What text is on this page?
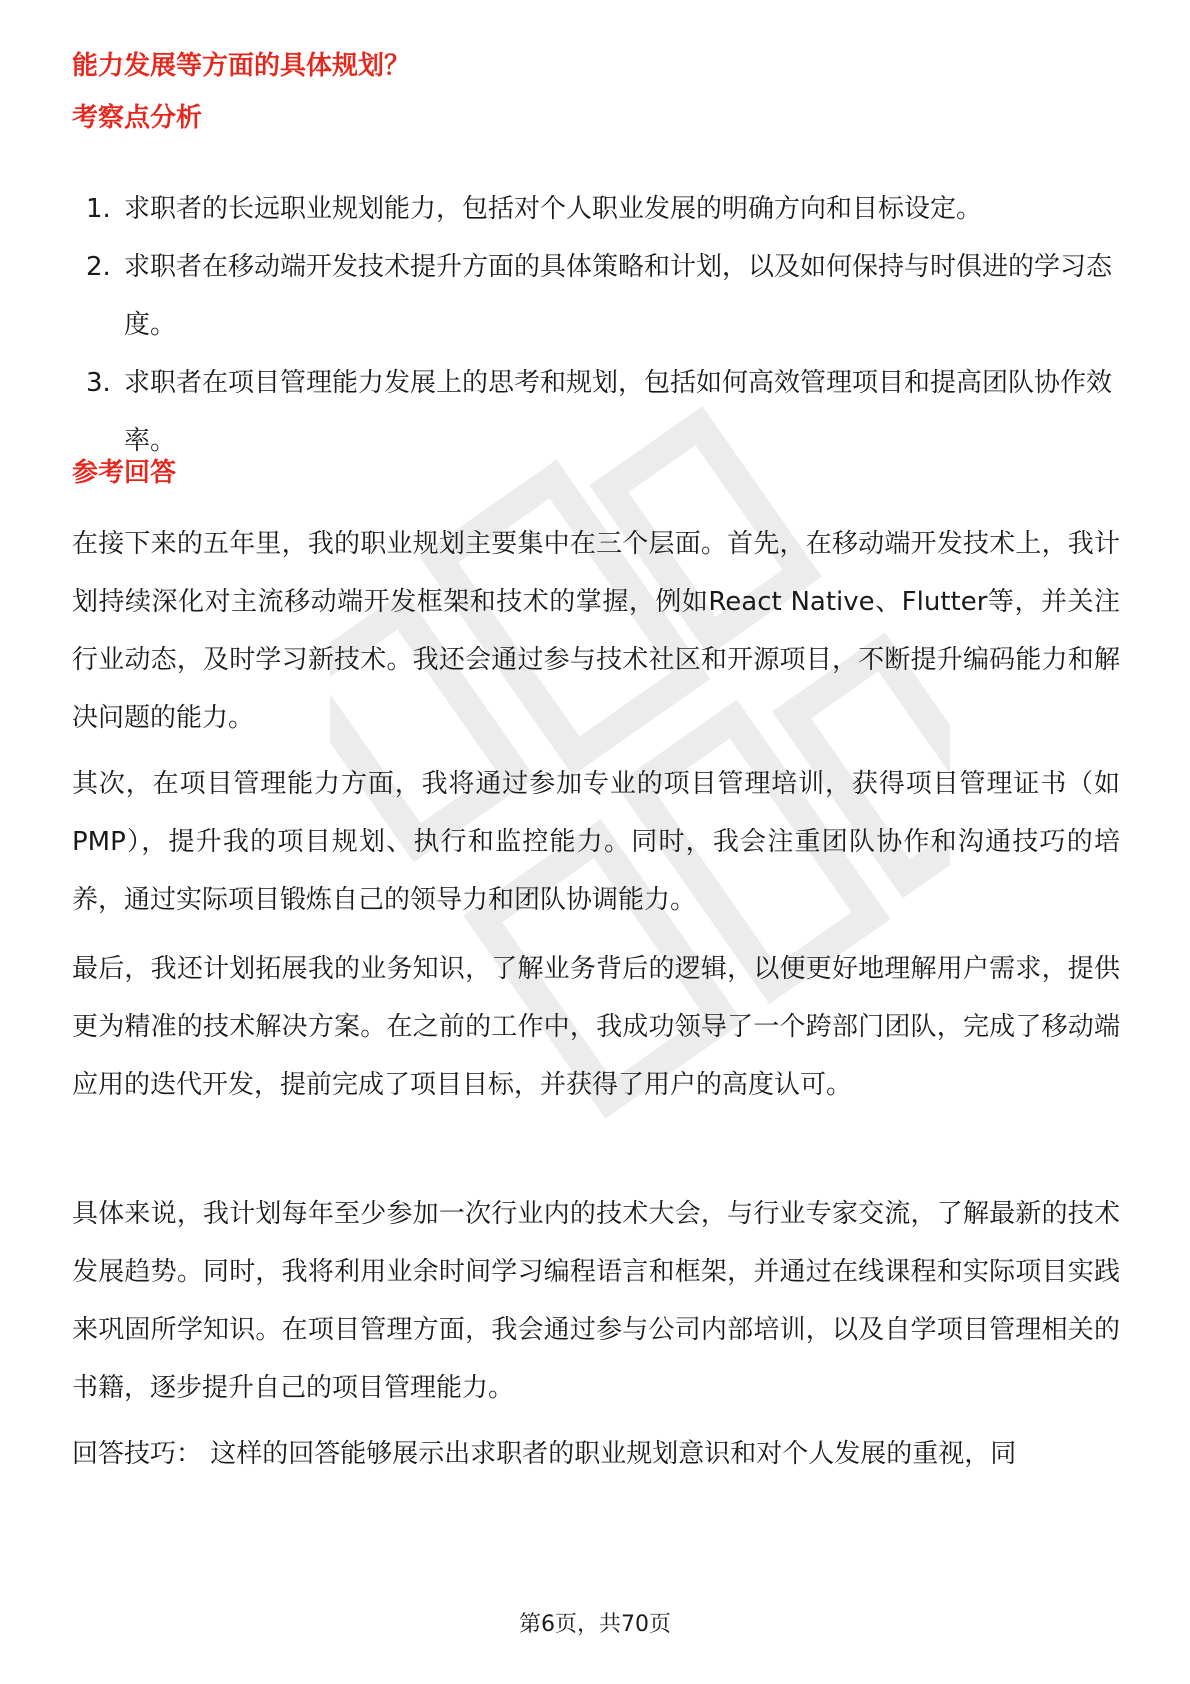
能力发展等方面的具体规划？
考察点分析
1. 求职者的长远职业规划能力，包括对个人职业发展的明确方向和目标设定。
2. 求职者在移动端开发技术提升方面的具体策略和计划，以及如何保持与时俱进的学习态度。
3. 求职者在项目管理能力发展上的思考和规划，包括如何高效管理项目和提高团队协作效率。
参考回答

在接下来的五年里，我的职业规划主要集中在三个层面。首先，在移动端开发技术上，我计划持续深化对主流移动端开发框架和技术的掌握，例如React Native、Flutter等，并关注行业动态，及时学习新技术。我还会通过参与技术社区和开源项目，不断提升编码能力和解决问题的能力。

其次，在项目管理能力方面，我将通过参加专业的项目管理培训，获得项目管理证书（如PMP），提升我的项目规划、执行和监控能力。同时，我会注重团队协作和沟通技巧的培养，通过实际项目锻炼自己的领导力和团队协调能力。

最后，我还计划拓展我的业务知识，了解业务背后的逻辑，以便更好地理解用户需求，提供更为精准的技术解决方案。在之前的工作中，我成功领导了一个跨部门团队，完成了移动端应用的迭代开发，提前完成了项目目标，并获得了用户的高度认可。

具体来说，我计划每年至少参加一次行业内的技术大会，与行业专家交流，了解最新的技术发展趋势。同时，我将利用业余时间学习编程语言和框架，并通过在线课程和实际项目实践来巩固所学知识。在项目管理方面，我会通过参与公司内部培训，以及自学项目管理相关的书籍，逐步提升自己的项目管理能力。

回答技巧： 这样的回答能够展示出求职者的职业规划意识和对个人发展的重视，同

第6页，共70页
